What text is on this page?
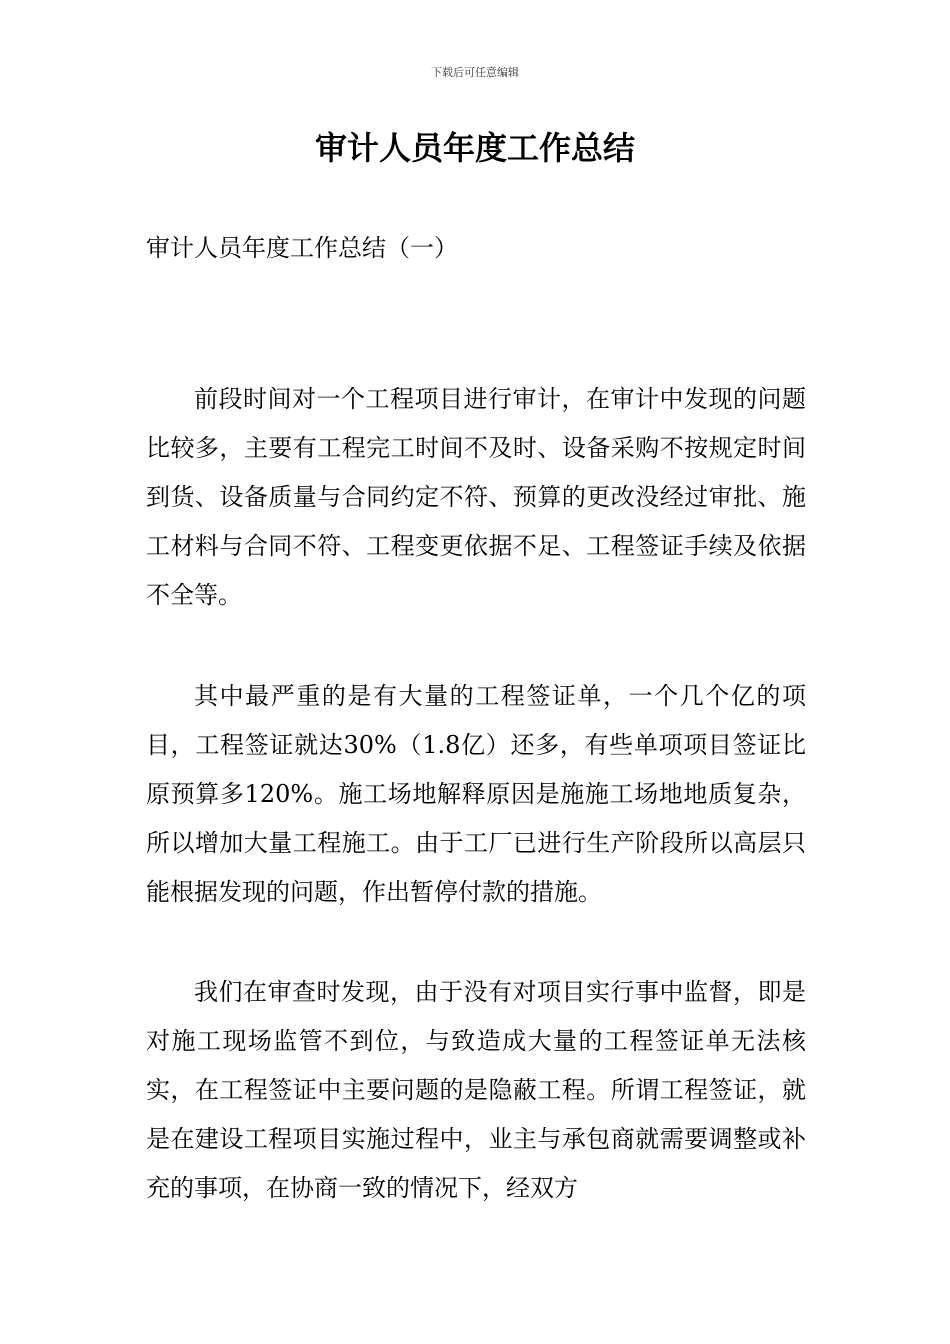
下载后可任意编辑
审计人员年度工作总结

审计人员年度工作总结（一）

前段时间对一个工程项目进行审计，在审计中发现的问题比较多，主要有工程完工时间不及时、设备采购不按规定时间到货、设备质量与合同约定不符、预算的更改没经过审批、施工材料与合同不符、工程变更依据不足、工程签证手续及依据不全等。

其中最严重的是有大量的工程签证单，一个几个亿的项目，工程签证就达30%（1.8亿）还多，有些单项项目签证比原预算多120%。施工场地解释原因是施施工场地地质复杂，所以增加大量工程施工。由于工厂已进行生产阶段所以高层只能根据发现的问题，作出暂停付款的措施。

我们在审查时发现，由于没有对项目实行事中监督，即是对施工现场监管不到位，与致造成大量的工程签证单无法核实，在工程签证中主要问题的是隐蔽工程。所谓工程签证，就是在建设工程项目实施过程中，业主与承包商就需要调整或补充的事项，在协商一致的情况下，经双方
